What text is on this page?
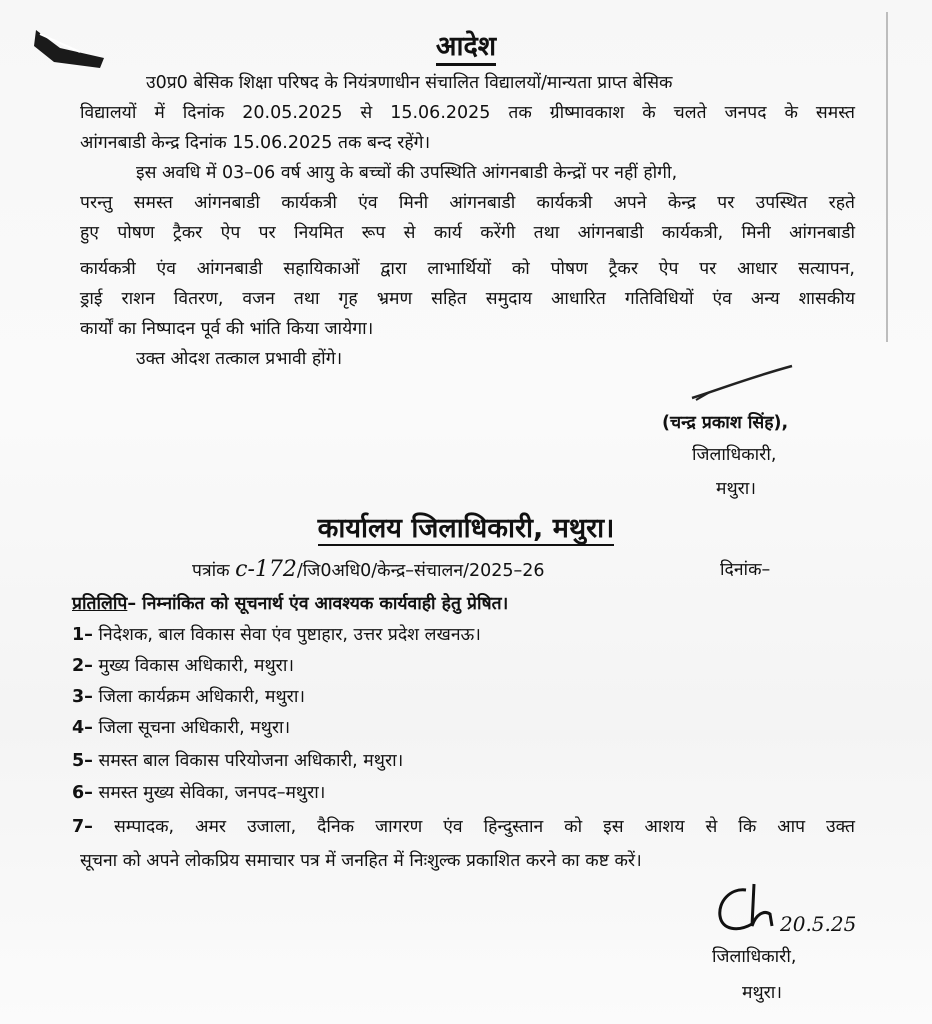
आदेश
उ0प्र0 बेसिक शिक्षा परिषद के नियंत्रणाधीन संचालित विद्यालयों/मान्यता प्राप्त बेसिक
विद्यालयों में दिनांक 20.05.2025 से 15.06.2025 तक ग्रीष्मावकाश के चलते जनपद के समस्त
आंगनबाडी केन्द्र दिनांक 15.06.2025 तक बन्द रहेंगे।
इस अवधि में 03–06 वर्ष आयु के बच्चों की उपस्थिति आंगनबाडी केन्द्रों पर नहीं होगी,
परन्तु समस्त आंगनबाडी कार्यकत्री एंव मिनी आंगनबाडी कार्यकत्री अपने केन्द्र पर उपस्थित रहते
हुए पोषण ट्रैकर ऐप पर नियमित रूप से कार्य करेंगी तथा आंगनबाडी कार्यकत्री, मिनी आंगनबाडी
कार्यकत्री एंव आंगनबाडी सहायिकाओं द्वारा लाभार्थियों को पोषण ट्रैकर ऐप पर आधार सत्यापन,
ड्राई राशन वितरण, वजन तथा गृह भ्रमण सहित समुदाय आधारित गतिविधियों एंव अन्य शासकीय
कार्यों का निष्पादन पूर्व की भांति किया जायेगा।
उक्त ओदश तत्काल प्रभावी होंगे।
(चन्द्र प्रकाश सिंह),
जिलाधिकारी,
मथुरा।
कार्यालय जिलाधिकारी, मथुरा।
पत्रांक c-172/जि0अधि0/केन्द्र–संचालन/2025–26	दिनांक–
प्रतिलिपि– निम्नांकित को सूचनार्थ एंव आवश्यक कार्यवाही हेतु प्रेषित।
1– निदेशक, बाल विकास सेवा एंव पुष्टाहार, उत्तर प्रदेश लखनऊ।
2– मुख्य विकास अधिकारी, मथुरा।
3– जिला कार्यक्रम अधिकारी, मथुरा।
4– जिला सूचना अधिकारी, मथुरा।
5– समस्त बाल विकास परियोजना अधिकारी, मथुरा।
6– समस्त मुख्य सेविका, जनपद–मथुरा।
7– सम्पादक, अमर उजाला, दैनिक जागरण एंव हिन्दुस्तान को इस आशय से कि आप उक्त
सूचना को अपने लोकप्रिय समाचार पत्र में जनहित में निःशुल्क प्रकाशित करने का कष्ट करें।
20.5.25
जिलाधिकारी,
मथुरा।
